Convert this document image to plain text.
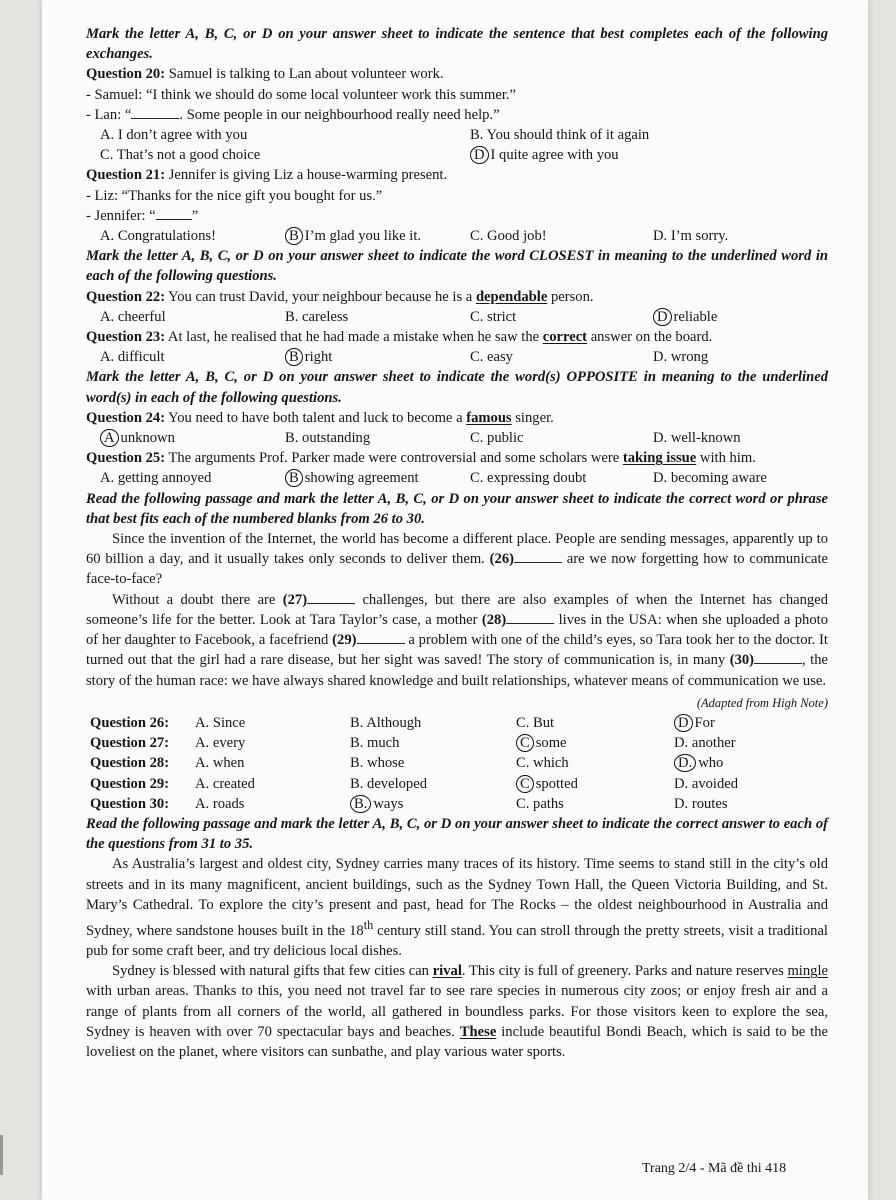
Mark the letter A, B, C, or D on your answer sheet to indicate the sentence that best completes each of the following exchanges.

Question 20: Samuel is talking to Lan about volunteer work.

- Samuel: “I think we should do some local volunteer work this summer.”

- Lan: “	. Some people in our neighbourhood really need help.”

A. I don’t agree with you	B. You should think of it again
C. That’s not a good choice	D I quite agree with you

Question 21: Jennifer is giving Liz a house-warming present.

- Liz: “Thanks for the nice gift you bought for us.”

- Jennifer: “ ”

A. Congratulations!	B I’m glad you like it.	C. Good job!	D. I’m sorry.

Mark the letter A, B, C, or D on your answer sheet to indicate the word CLOSEST in meaning to the underlined word in each of the following questions.

Question 22: You can trust David, your neighbour because he is a dependable person.

A. cheerful	B. careless	C. strict	D reliable

Question 23: At last, he realised that he had made a mistake when he saw the correct answer on the board.

A. difficult	B right	C. easy	D. wrong

Mark the letter A, B, C, or D on your answer sheet to indicate the word(s) OPPOSITE in meaning to the underlined word(s) in each of the following questions.

Question 24: You need to have both talent and luck to become a famous singer.

A unknown	B. outstanding	C. public	D. well-known

Question 25: The arguments Prof. Parker made were controversial and some scholars were taking issue with him.

A. getting annoyed	B showing agreement	C. expressing doubt	D. becoming aware

Read the following passage and mark the letter A, B, C, or D on your answer sheet to indicate the correct word or phrase that best fits each of the numbered blanks from 26 to 30.

Since the invention of the Internet, the world has become a different place. People are sending messages, apparently up to 60 billion a day, and it usually takes only seconds to deliver them. (26)	are we now forgetting how to communicate face-to-face?

Without a doubt there are (27)	challenges, but there are also examples of when the Internet has changed someone’s life for the better. Look at Tara Taylor’s case, a mother (28)	lives in the USA: when she uploaded a photo of her daughter to Facebook, a facefriend (29)	a problem with one of the child’s eyes, so Tara took her to the doctor. It turned out that the girl had a rare disease, but her sight was saved! The story of communication is, in many (30)	, the story of the human race: we have always shared knowledge and built relationships, whatever means of communication we use.

(Adapted from High Note)

Question 26:	A. Since	B. Although	C. But	D For
Question 27:	A. every	B. much	C some	D. another
Question 28:	A. when	B. whose	C. which	D. who
Question 29:	A. created	B. developed	C spotted	D. avoided
Question 30:	A. roads	B. ways	C. paths	D. routes

Read the following passage and mark the letter A, B, C, or D on your answer sheet to indicate the correct answer to each of the questions from 31 to 35.

As Australia’s largest and oldest city, Sydney carries many traces of its history. Time seems to stand still in the city’s old streets and in its many magnificent, ancient buildings, such as the Sydney Town Hall, the Queen Victoria Building, and St. Mary’s Cathedral. To explore the city’s present and past, head for The Rocks – the oldest neighbourhood in Australia and Sydney, where sandstone houses built in the 18th century still stand. You can stroll through the pretty streets, visit a traditional pub for some craft beer, and try delicious local dishes.

Sydney is blessed with natural gifts that few cities can rival. This city is full of greenery. Parks and nature reserves mingle with urban areas. Thanks to this, you need not travel far to see rare species in numerous city zoos; or enjoy fresh air and a range of plants from all corners of the world, all gathered in boundless parks. For those visitors keen to explore the sea, Sydney is heaven with over 70 spectacular bays and beaches. These include beautiful Bondi Beach, which is said to be the loveliest on the planet, where visitors can sunbathe, and play various water sports.

Trang 2/4 - Mã đề thi 418
